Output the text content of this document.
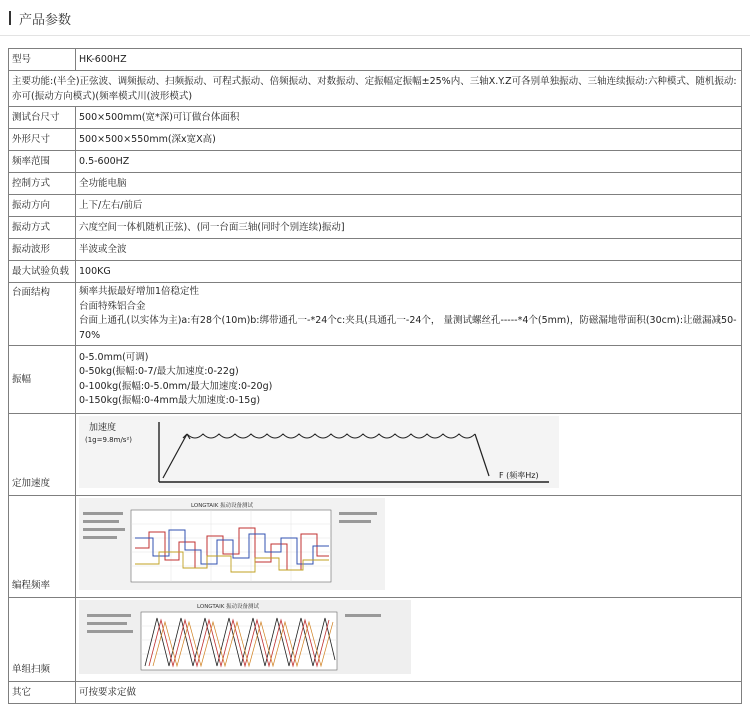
产品参数
型号	HK-600HZ
主要功能:(半全)正弦波、调频振动、扫频振动、可程式振动、倍频振动、对数振动、定振幅定振幅±25%内、三轴X.Y.Z可各别单独振动、三轴连续振动:六种模式、随机振动:亦可(振动方向模式)(频率模式川(波形模式)	
测试台尺寸	500×500mm(宽*深)可订做台体面积
外形尺寸	500×500×550mm(深x宽X高)
频率范围	0.5-600HZ
控制方式	全功能电脑
振动方向	上下/左右/前后
振动方式	六度空间一体机随机正弦)、(同一台面三轴(同时个别连续)振动]
振动波形	半波或全波
最大试验负载	100KG
台面结构	频率共振最好增加1倍稳定性
台面特殊铝合金
台面上通孔(以实体为主)a:有28个(10m)b:绑带通孔一-*24个c:夹具(具通孔一-24个， 量测试螺丝孔-----*4个(5mm)，防磁漏地带面积(30cm):让磁漏减50-70%

振幅	0-5.0mm(可调)
0-50kg(振幅:0-7/最大加速度:0-22g)
0-100kg(振幅:0-5.0mm/最大加速度:0-20g)
0-150kg(振幅:0-4mm最大加速度:0-15g)

定加速度	加速度
(1g=9.8m/s²)
F (频率Hz)

编程频率	LONGTAIK 振动设备测试

单组扫频	LONGTAIK 振动设备测试

其它	可按要求定做
